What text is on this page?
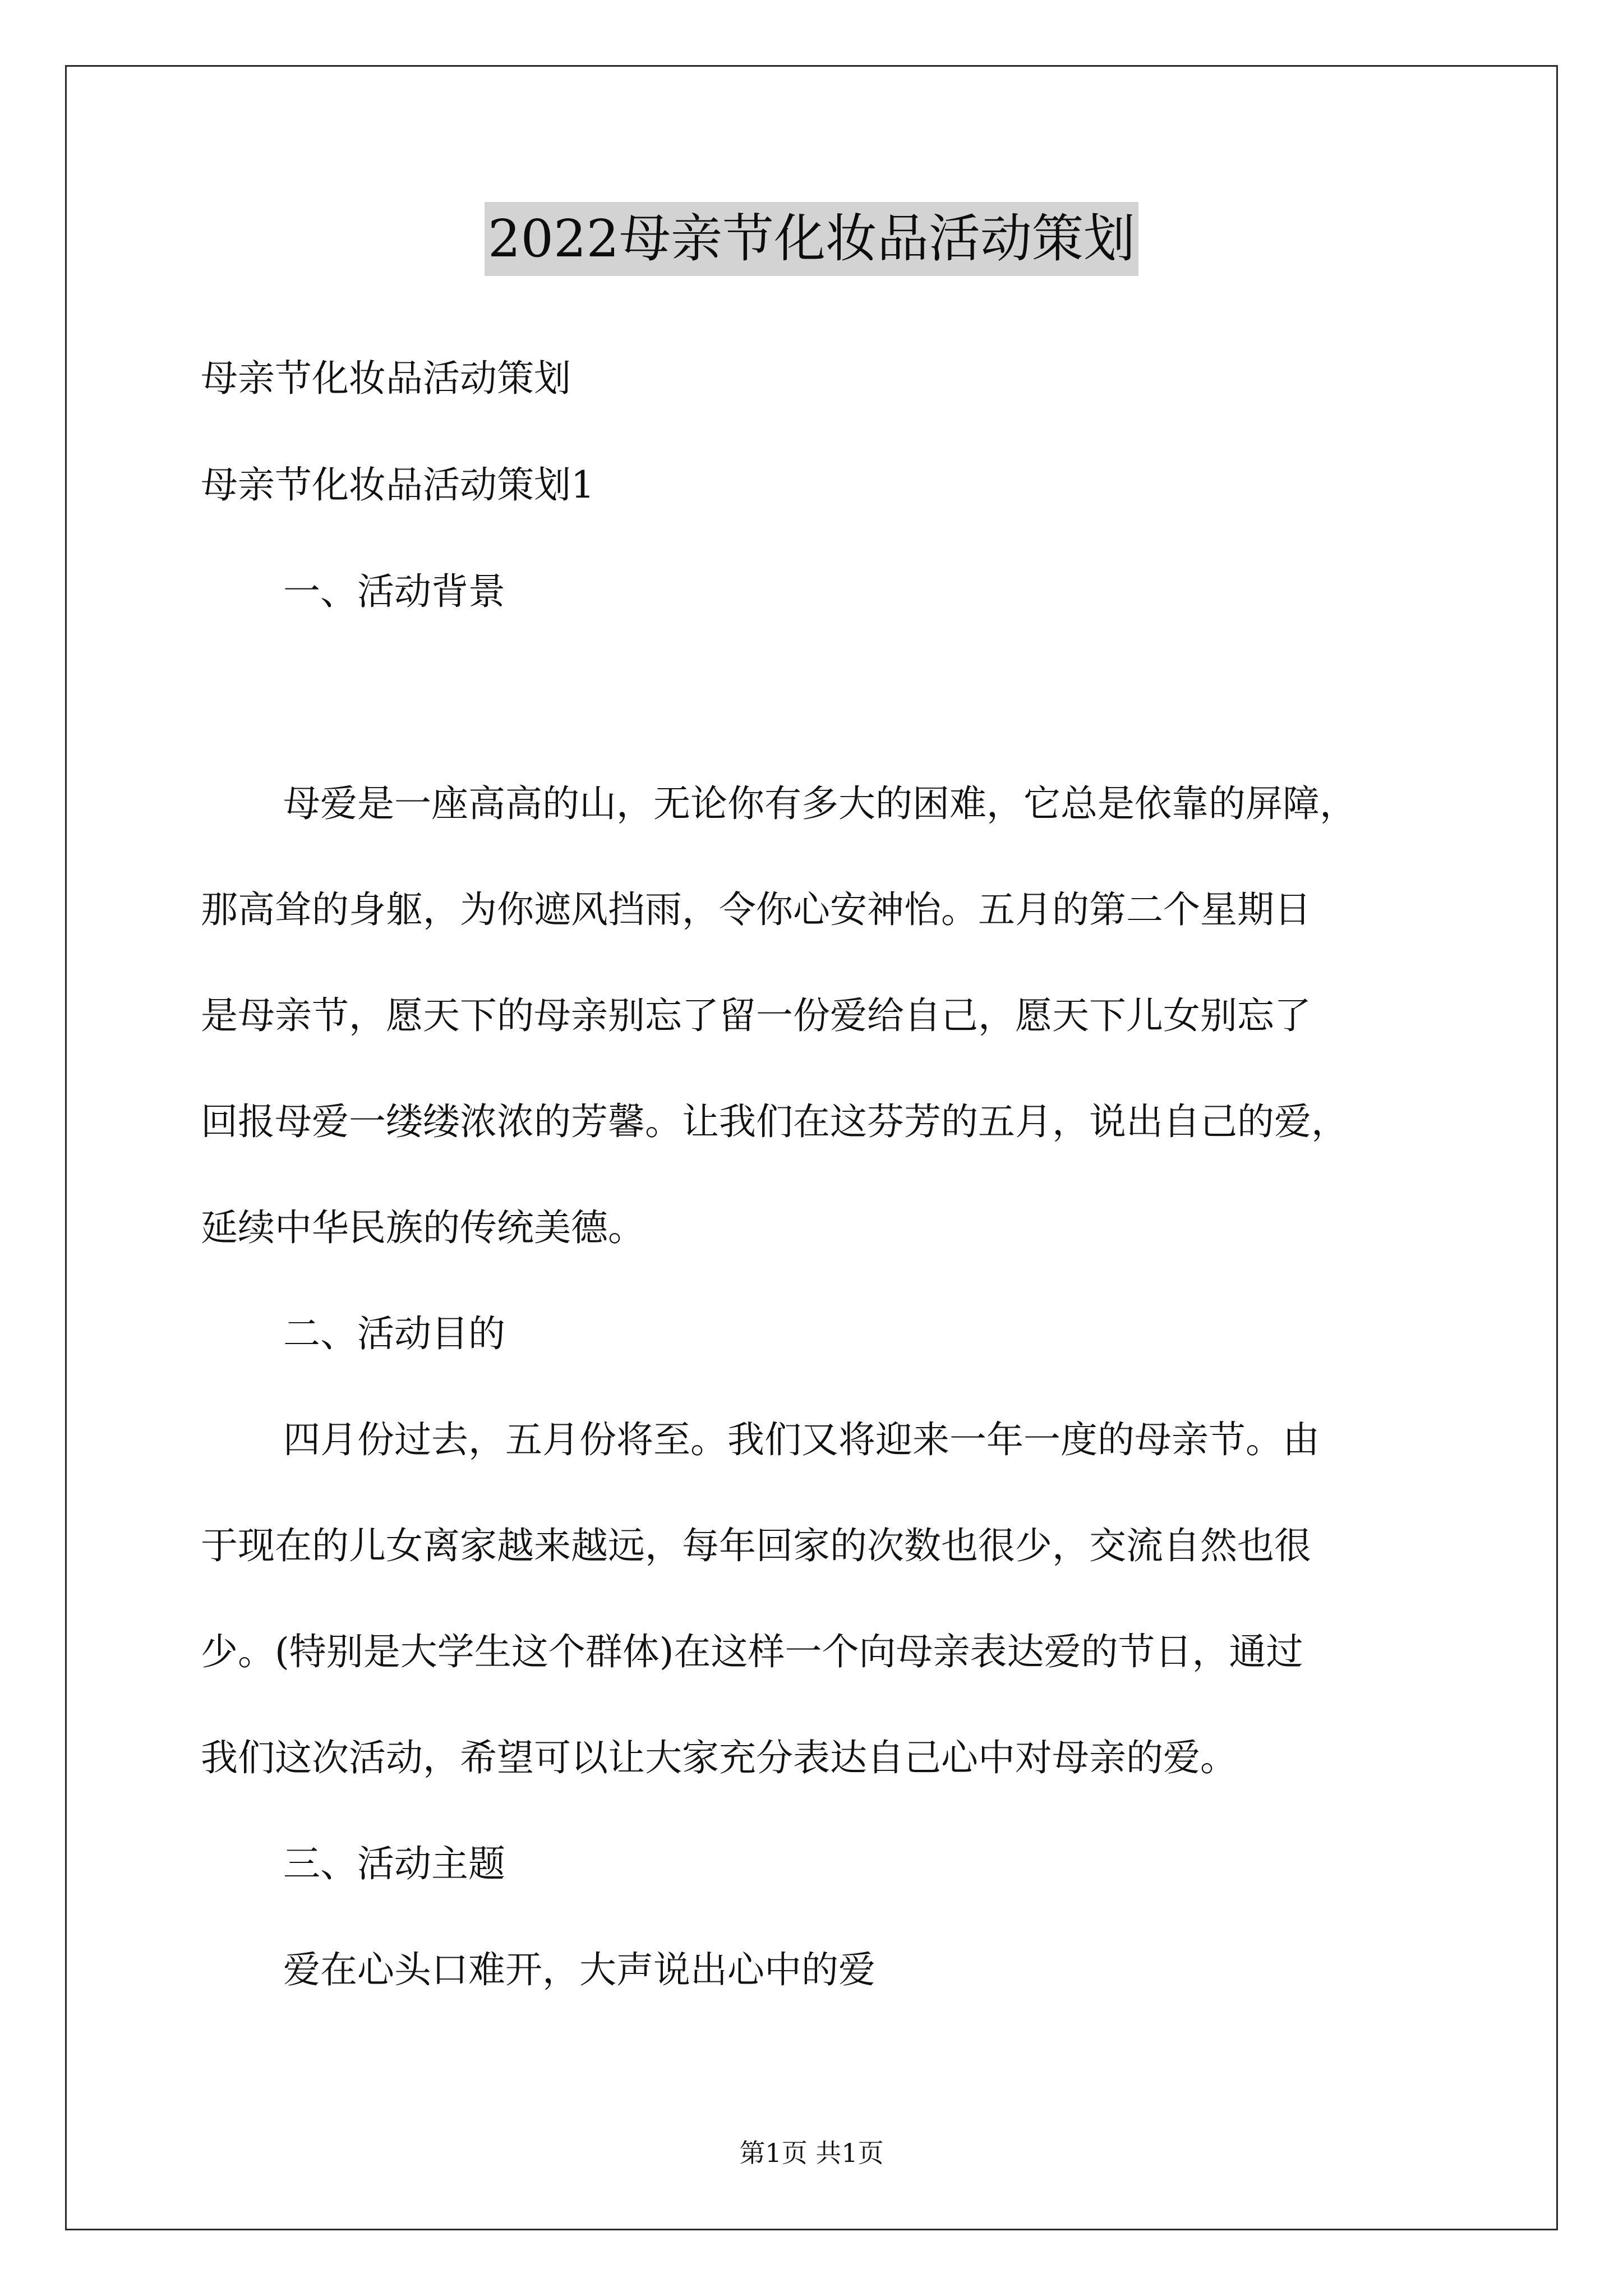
2022母亲节化妆品活动策划
母亲节化妆品活动策划
母亲节化妆品活动策划1
一、活动背景
母爱是一座高高的山，无论你有多大的困难，它总是依靠的屏障，
那高耸的身躯，为你遮风挡雨，令你心安神怡。五月的第二个星期日
是母亲节，愿天下的母亲别忘了留一份爱给自己，愿天下儿女别忘了
回报母爱一缕缕浓浓的芳馨。让我们在这芬芳的五月，说出自己的爱，
延续中华民族的传统美德。
二、活动目的
四月份过去，五月份将至。我们又将迎来一年一度的母亲节。由
于现在的儿女离家越来越远，每年回家的次数也很少，交流自然也很
少。(特别是大学生这个群体)在这样一个向母亲表达爱的节日，通过
我们这次活动，希望可以让大家充分表达自己心中对母亲的爱。
三、活动主题
爱在心头口难开，大声说出心中的爱
第1页 共1页
